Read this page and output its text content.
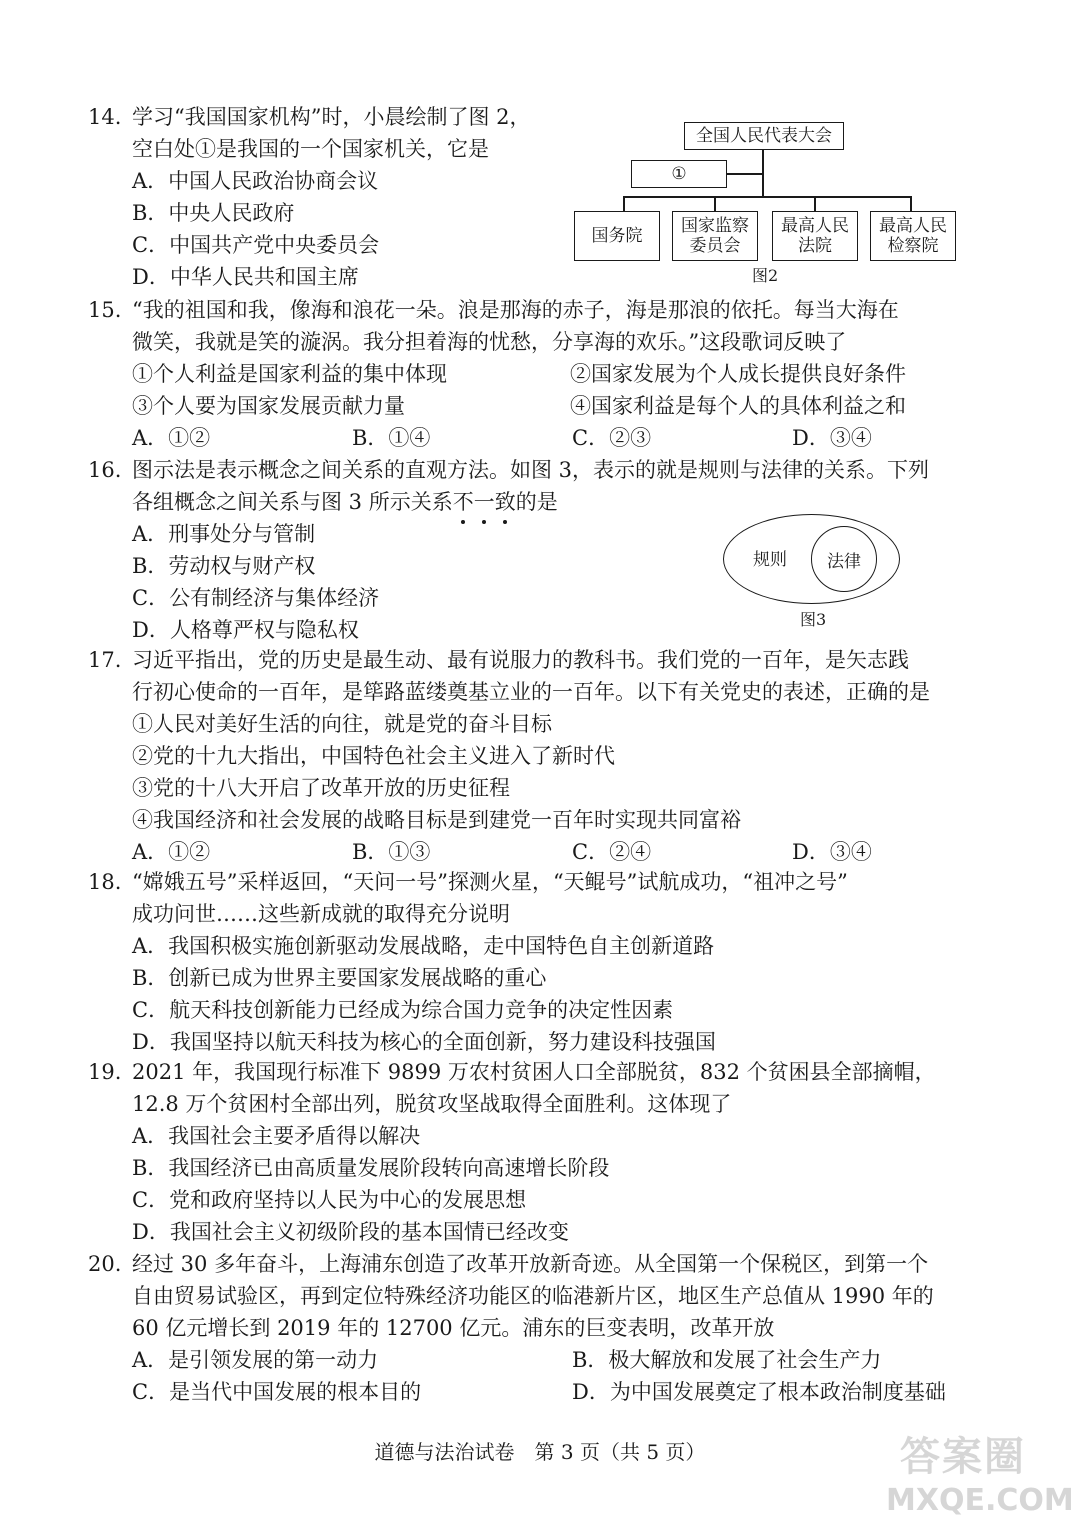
14. 学习“我国国家机构”时，小晨绘制了图 2，
空白处①是我国的一个国家机关，它是
A．中国人民政治协商会议
B．中央人民政府
C．中国共产党中央委员会
D．中华人民共和国主席
全国人民代表大会
①
国务院	国家监察委员会
最高人民法院
最高人民检察院
图2
15. “我的祖国和我，像海和浪花一朵。浪是那海的赤子，海是那浪的依托。每当大海在
微笑，我就是笑的漩涡。我分担着海的忧愁，分享海的欢乐。”这段歌词反映了
①个人利益是国家利益的集中体现	②国家发展为个人成长提供良好条件
③个人要为国家发展贡献力量	④国家利益是每个人的具体利益之和
A．①②	B．①④	C．②③	D．③④
16. 图示法是表示概念之间关系的直观方法。如图 3，表示的就是规则与法律的关系。下列
各组概念之间关系与图 3 所示关系不一致的是
A．刑事处分与管制
B．劳动权与财产权
C．公有制经济与集体经济
D．人格尊严权与隐私权
规则	法律
图3
17. 习近平指出，党的历史是最生动、最有说服力的教科书。我们党的一百年，是矢志践
行初心使命的一百年，是筚路蓝缕奠基立业的一百年。以下有关党史的表述，正确的是
①人民对美好生活的向往，就是党的奋斗目标
②党的十九大指出，中国特色社会主义进入了新时代
③党的十八大开启了改革开放的历史征程
④我国经济和社会发展的战略目标是到建党一百年时实现共同富裕
A．①②	B．①③	C．②④	D．③④
18. “嫦娥五号”采样返回，“天问一号”探测火星，“天鲲号”试航成功，“祖冲之号”
成功问世……这些新成就的取得充分说明
A．我国积极实施创新驱动发展战略，走中国特色自主创新道路
B．创新已成为世界主要国家发展战略的重心
C．航天科技创新能力已经成为综合国力竞争的决定性因素
D．我国坚持以航天科技为核心的全面创新，努力建设科技强国
19. 2021 年，我国现行标准下 9899 万农村贫困人口全部脱贫，832 个贫困县全部摘帽，
12.8 万个贫困村全部出列，脱贫攻坚战取得全面胜利。这体现了
A．我国社会主要矛盾得以解决
B．我国经济已由高质量发展阶段转向高速增长阶段
C．党和政府坚持以人民为中心的发展思想
D．我国社会主义初级阶段的基本国情已经改变
20. 经过 30 多年奋斗，上海浦东创造了改革开放新奇迹。从全国第一个保税区，到第一个
自由贸易试验区，再到定位特殊经济功能区的临港新片区，地区生产总值从 1990 年的
60 亿元增长到 2019 年的 12700 亿元。浦东的巨变表明，改革开放
A．是引领发展的第一动力	B．极大解放和发展了社会生产力
C．是当代中国发展的根本目的	D．为中国发展奠定了根本政治制度基础
道德与法治试卷　第 3 页（共 5 页）	答案圈
MXQE.COM
